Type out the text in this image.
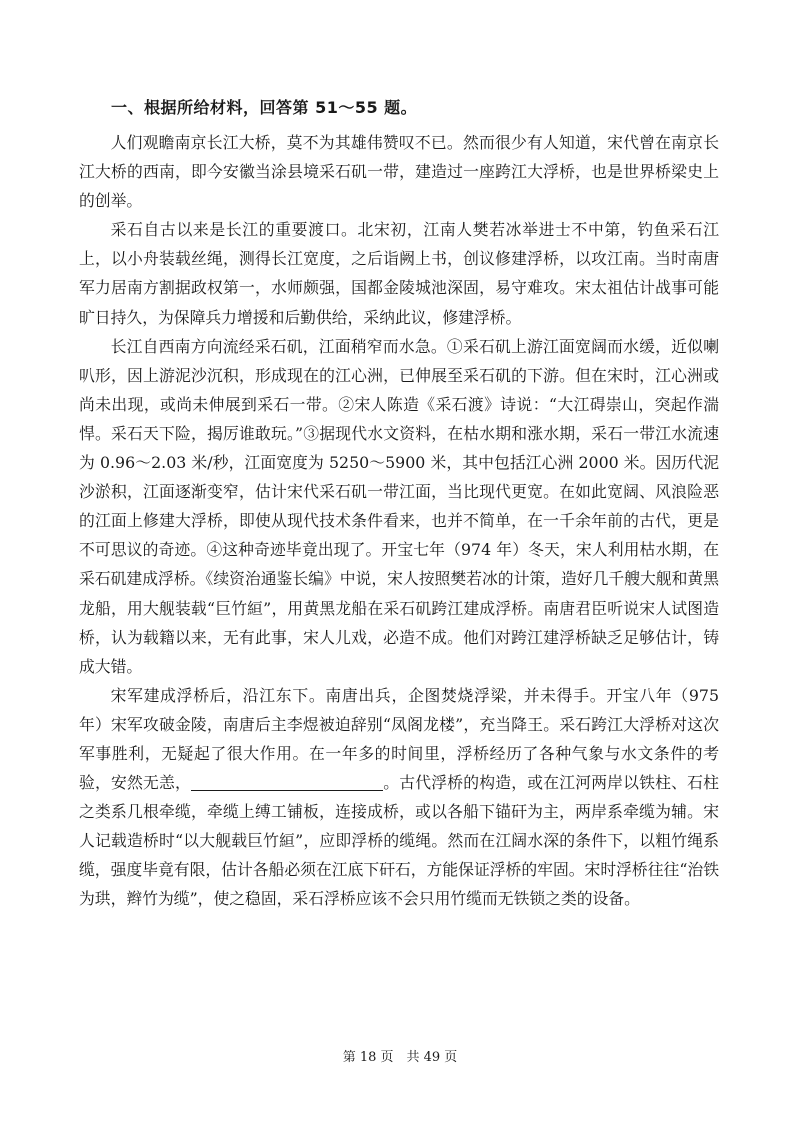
一、根据所给材料，回答第 51～55 题。

人们观瞻南京长江大桥，莫不为其雄伟赞叹不已。然而很少有人知道，宋代曾在南京长江大桥的西南，即今安徽当涂县境采石矶一带，建造过一座跨江大浮桥，也是世界桥梁史上的创举。

采石自古以来是长江的重要渡口。北宋初，江南人樊若冰举进士不中第，钓鱼采石江上，以小舟装载丝绳，测得长江宽度，之后诣阙上书，创议修建浮桥，以攻江南。当时南唐军力居南方割据政权第一，水师颇强，国都金陵城池深固，易守难攻。宋太祖估计战事可能旷日持久，为保障兵力增援和后勤供给，采纳此议，修建浮桥。

长江自西南方向流经采石矶，江面稍窄而水急。①采石矶上游江面宽阔而水缓，近似喇叭形，因上游泥沙沉积，形成现在的江心洲，已伸展至采石矶的下游。但在宋时，江心洲或尚未出现，或尚未伸展到采石一带。②宋人陈造《采石渡》诗说：“大江碍崇山，突起作湍悍。采石天下险，揭厉谁敢玩。”③据现代水文资料，在枯水期和涨水期，采石一带江水流速为 0.96～2.03 米/秒，江面宽度为 5250～5900 米，其中包括江心洲 2000 米。因历代泥沙淤积，江面逐渐变窄，估计宋代采石矶一带江面，当比现代更宽。在如此宽阔、风浪险恶的江面上修建大浮桥，即使从现代技术条件看来，也并不简单，在一千余年前的古代，更是不可思议的奇迹。④这种奇迹毕竟出现了。开宝七年（974 年）冬天，宋人利用枯水期，在采石矶建成浮桥。《续资治通鉴长编》中说，宋人按照樊若冰的计策，造好几千艘大舰和黄黑龙船，用大舰装载“巨竹絙”，用黄黑龙船在采石矶跨江建成浮桥。南唐君臣听说宋人试图造桥，认为载籍以来，无有此事，宋人儿戏，必造不成。他们对跨江建浮桥缺乏足够估计，铸成大错。

宋军建成浮桥后，沿江东下。南唐出兵，企图焚烧浮梁，并未得手。开宝八年（975 年）宋军攻破金陵，南唐后主李煜被迫辞别“凤阁龙楼”，充当降王。采石跨江大浮桥对这次军事胜利，无疑起了很大作用。在一年多的时间里，浮桥经历了各种气象与水文条件的考验，安然无恙，	。古代浮桥的构造，或在江河两岸以铁柱、石柱之类系几根牵缆，牵缆上缚工铺板，连接成桥，或以各船下锚矸为主，两岸系牵缆为辅。宋人记载造桥时“以大舰载巨竹絙”，应即浮桥的缆绳。然而在江阔水深的条件下，以粗竹绳系缆，强度毕竟有限，估计各船必须在江底下矸石，方能保证浮桥的牢固。宋时浮桥往往“治铁为珙，辫竹为缆”，使之稳固，采石浮桥应该不会只用竹缆而无铁锁之类的设备。

第 18 页　共 49 页
